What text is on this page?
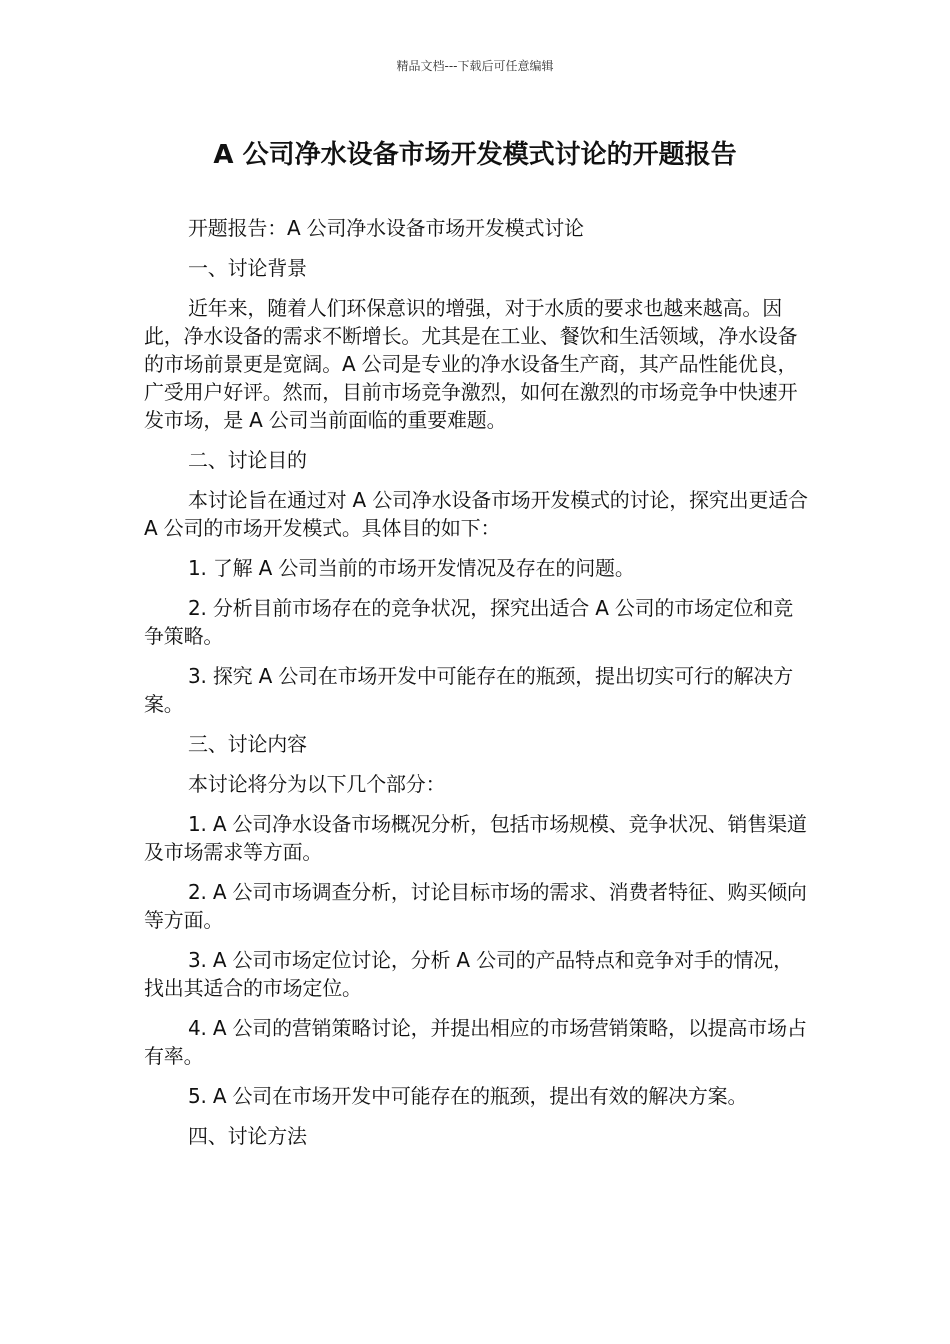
精品文档---下载后可任意编辑
A 公司净水设备市场开发模式讨论的开题报告

开题报告：A 公司净水设备市场开发模式讨论

一、讨论背景

近年来，随着人们环保意识的增强，对于水质的要求也越来越高。因此，净水设备的需求不断增长。尤其是在工业、餐饮和生活领域，净水设备的市场前景更是宽阔。A 公司是专业的净水设备生产商，其产品性能优良，广受用户好评。然而，目前市场竞争激烈，如何在激烈的市场竞争中快速开发市场，是 A 公司当前面临的重要难题。

二、讨论目的

本讨论旨在通过对 A 公司净水设备市场开发模式的讨论，探究出更适合 A 公司的市场开发模式。具体目的如下：

1. 了解 A 公司当前的市场开发情况及存在的问题。

2. 分析目前市场存在的竞争状况，探究出适合 A 公司的市场定位和竞争策略。

3. 探究 A 公司在市场开发中可能存在的瓶颈，提出切实可行的解决方案。

三、讨论内容

本讨论将分为以下几个部分：

1. A 公司净水设备市场概况分析，包括市场规模、竞争状况、销售渠道及市场需求等方面。

2. A 公司市场调查分析，讨论目标市场的需求、消费者特征、购买倾向等方面。

3. A 公司市场定位讨论，分析 A 公司的产品特点和竞争对手的情况，找出其适合的市场定位。

4. A 公司的营销策略讨论，并提出相应的市场营销策略，以提高市场占有率。

5. A 公司在市场开发中可能存在的瓶颈，提出有效的解决方案。

四、讨论方法
